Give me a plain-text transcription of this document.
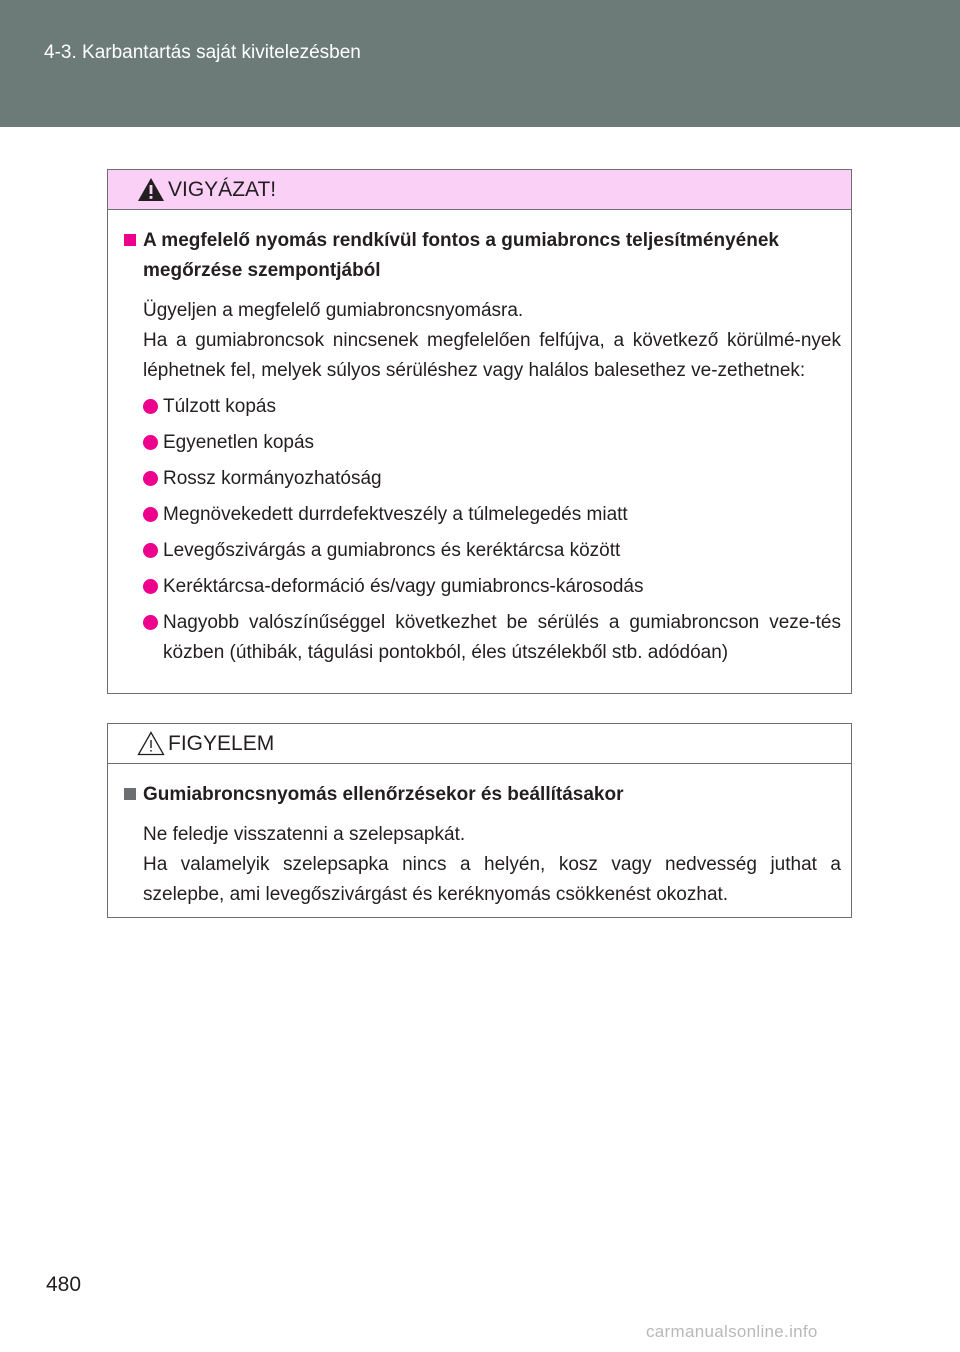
4-3. Karbantartás saját kivitelezésben
VIGYÁZAT!
A megfelelő nyomás rendkívül fontos a gumiabroncs teljesítményének
megőrzése szempontjából
Ügyeljen a megfelelő gumiabroncsnyomásra.
Ha a gumiabroncsok nincsenek megfelelően felfújva, a következő körülmé-nyek léphetnek fel, melyek súlyos sérüléshez vagy halálos balesethez ve-zethetnek:
Túlzott kopás
Egyenetlen kopás
Rossz kormányozhatóság
Megnövekedett durrdefektveszély a túlmelegedés miatt
Levegőszivárgás a gumiabroncs és keréktárcsa között
Keréktárcsa-deformáció és/vagy gumiabroncs-károsodás
Nagyobb valószínűséggel következhet be sérülés a gumiabroncson veze-tés közben (úthibák, tágulási pontokból, éles útszélekből stb. adódóan)
FIGYELEM
Gumiabroncsnyomás ellenőrzésekor és beállításakor
Ne feledje visszatenni a szelepsapkát.
Ha valamelyik szelepsapka nincs a helyén, kosz vagy nedvesség juthat a szelepbe, ami levegőszivárgást és keréknyomás csökkenést okozhat.
480
carmanualsonline.info
